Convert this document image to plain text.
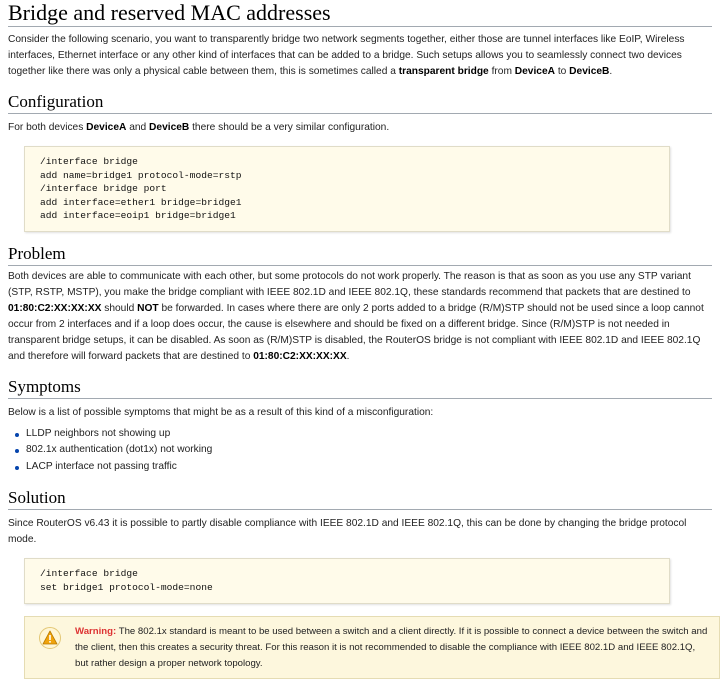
Bridge and reserved MAC addresses

Consider the following scenario, you want to transparently bridge two network segments together, either those are tunnel interfaces like EoIP, Wireless interfaces, Ethernet interface or any other kind of interfaces that can be added to a bridge. Such setups allows you to seamlessly connect two devices together like there was only a physical cable between them, this is sometimes called a transparent bridge from DeviceA to DeviceB.

Configuration

For both devices DeviceA and DeviceB there should be a very similar configuration.

/interface bridge
add name=bridge1 protocol-mode=rstp
/interface bridge port
add interface=ether1 bridge=bridge1
add interface=eoip1 bridge=bridge1
Problem

Both devices are able to communicate with each other, but some protocols do not work properly. The reason is that as soon as you use any STP variant (STP, RSTP, MSTP), you make the bridge compliant with IEEE 802.1D and IEEE 802.1Q, these standards recommend that packets that are destined to 01:80:C2:XX:XX:XX should NOT be forwarded. In cases where there are only 2 ports added to a bridge (R/M)STP should not be used since a loop cannot occur from 2 interfaces and if a loop does occur, the cause is elsewhere and should be fixed on a different bridge. Since (R/M)STP is not needed in transparent bridge setups, it can be disabled. As soon as (R/M)STP is disabled, the RouterOS bridge is not compliant with IEEE 802.1D and IEEE 802.1Q and therefore will forward packets that are destined to 01:80:C2:XX:XX:XX.

Symptoms

Below is a list of possible symptoms that might be as a result of this kind of a misconfiguration:

LLDP neighbors not showing up
802.1x authentication (dot1x) not working
LACP interface not passing traffic
Solution

Since RouterOS v6.43 it is possible to partly disable compliance with IEEE 802.1D and IEEE 802.1Q, this can be done by changing the bridge protocol mode.

/interface bridge
set bridge1 protocol-mode=none
Warning: The 802.1x standard is meant to be used between a switch and a client directly. If it is possible to connect a device between the switch and the client, then this creates a security threat. For this reason it is not recommended to disable the compliance with IEEE 802.1D and IEEE 802.1Q, but rather design a proper network topology.
